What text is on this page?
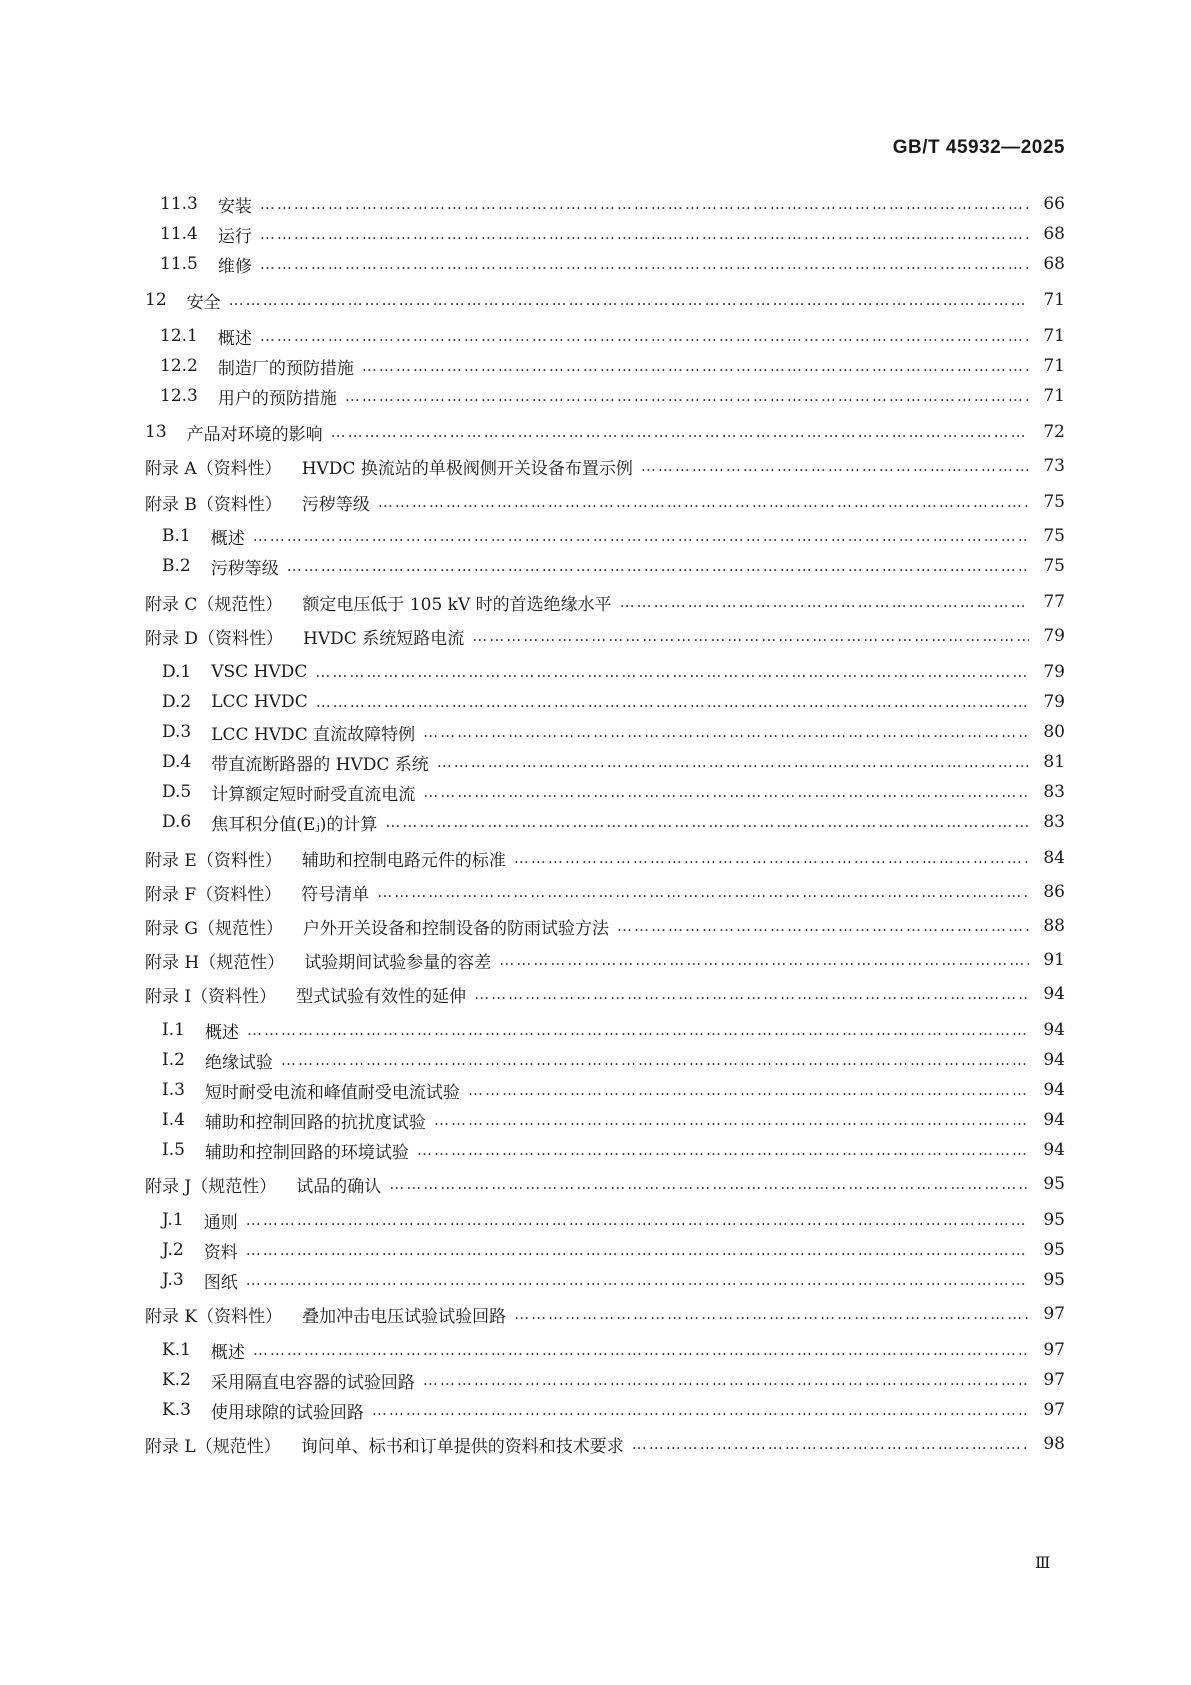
GB/T 45932—2025
11.3 安装 ……………………………………………………………………………………………………………………………………………………………………………………………………………………………………………………	66
11.4 运行 ……………………………………………………………………………………………………………………………………………………………………………………………………………………………………………………	68
11.5 维修 ……………………………………………………………………………………………………………………………………………………………………………………………………………………………………………………	68
12 安全 ……………………………………………………………………………………………………………………………………………………………………………………………………………………………………………………	71
12.1 概述 ……………………………………………………………………………………………………………………………………………………………………………………………………………………………………………………	71
12.2 制造厂的预防措施 ……………………………………………………………………………………………………………………………………………………………………………………………………………………………………………………	71
12.3 用户的预防措施 ……………………………………………………………………………………………………………………………………………………………………………………………………………………………………………………	71
13 产品对环境的影响 ……………………………………………………………………………………………………………………………………………………………………………………………………………………………………………………	72
附录 A（资料性） HVDC 换流站的单极阀侧开关设备布置示例 ……………………………………………………………………………………………………………………………………………………………………………………………………………………………………………………	73
附录 B（资料性） 污秽等级 ……………………………………………………………………………………………………………………………………………………………………………………………………………………………………………………	75
B.1 概述 ……………………………………………………………………………………………………………………………………………………………………………………………………………………………………………………	75
B.2 污秽等级 ……………………………………………………………………………………………………………………………………………………………………………………………………………………………………………………	75
附录 C（规范性） 额定电压低于 105 kV 时的首选绝缘水平 ……………………………………………………………………………………………………………………………………………………………………………………………………………………………………………………	77
附录 D（资料性） HVDC 系统短路电流 ……………………………………………………………………………………………………………………………………………………………………………………………………………………………………………………	79
D.1 VSC HVDC ……………………………………………………………………………………………………………………………………………………………………………………………………………………………………………………	79
D.2 LCC HVDC ……………………………………………………………………………………………………………………………………………………………………………………………………………………………………………………	79
D.3 LCC HVDC 直流故障特例 ……………………………………………………………………………………………………………………………………………………………………………………………………………………………………………………	80
D.4 带直流断路器的 HVDC 系统 ……………………………………………………………………………………………………………………………………………………………………………………………………………………………………………………	81
D.5 计算额定短时耐受直流电流 ……………………………………………………………………………………………………………………………………………………………………………………………………………………………………………………	83
D.6 焦耳积分值(Eⱼ)的计算 ……………………………………………………………………………………………………………………………………………………………………………………………………………………………………………………	83
附录 E（资料性） 辅助和控制电路元件的标准 ……………………………………………………………………………………………………………………………………………………………………………………………………………………………………………………	84
附录 F（资料性） 符号清单 ……………………………………………………………………………………………………………………………………………………………………………………………………………………………………………………	86
附录 G（规范性） 户外开关设备和控制设备的防雨试验方法 ……………………………………………………………………………………………………………………………………………………………………………………………………………………………………………………	88
附录 H（规范性） 试验期间试验参量的容差 ……………………………………………………………………………………………………………………………………………………………………………………………………………………………………………………	91
附录 I（资料性） 型式试验有效性的延伸 ……………………………………………………………………………………………………………………………………………………………………………………………………………………………………………………	94
I.1 概述 ……………………………………………………………………………………………………………………………………………………………………………………………………………………………………………………	94
I.2 绝缘试验 ……………………………………………………………………………………………………………………………………………………………………………………………………………………………………………………	94
I.3 短时耐受电流和峰值耐受电流试验 ……………………………………………………………………………………………………………………………………………………………………………………………………………………………………………………	94
I.4 辅助和控制回路的抗扰度试验 ……………………………………………………………………………………………………………………………………………………………………………………………………………………………………………………	94
I.5 辅助和控制回路的环境试验 ……………………………………………………………………………………………………………………………………………………………………………………………………………………………………………………	94
附录 J（规范性） 试品的确认 ……………………………………………………………………………………………………………………………………………………………………………………………………………………………………………………	95
J.1 通则 ……………………………………………………………………………………………………………………………………………………………………………………………………………………………………………………	95
J.2 资料 ……………………………………………………………………………………………………………………………………………………………………………………………………………………………………………………	95
J.3 图纸 ……………………………………………………………………………………………………………………………………………………………………………………………………………………………………………………	95
附录 K（资料性） 叠加冲击电压试验试验回路 ……………………………………………………………………………………………………………………………………………………………………………………………………………………………………………………	97
K.1 概述 ……………………………………………………………………………………………………………………………………………………………………………………………………………………………………………………	97
K.2 采用隔直电容器的试验回路 ……………………………………………………………………………………………………………………………………………………………………………………………………………………………………………………	97
K.3 使用球隙的试验回路 ……………………………………………………………………………………………………………………………………………………………………………………………………………………………………………………	97
附录 L（规范性） 询问单、标书和订单提供的资料和技术要求 ……………………………………………………………………………………………………………………………………………………………………………………………………………………………………………………	98
Ⅲ
